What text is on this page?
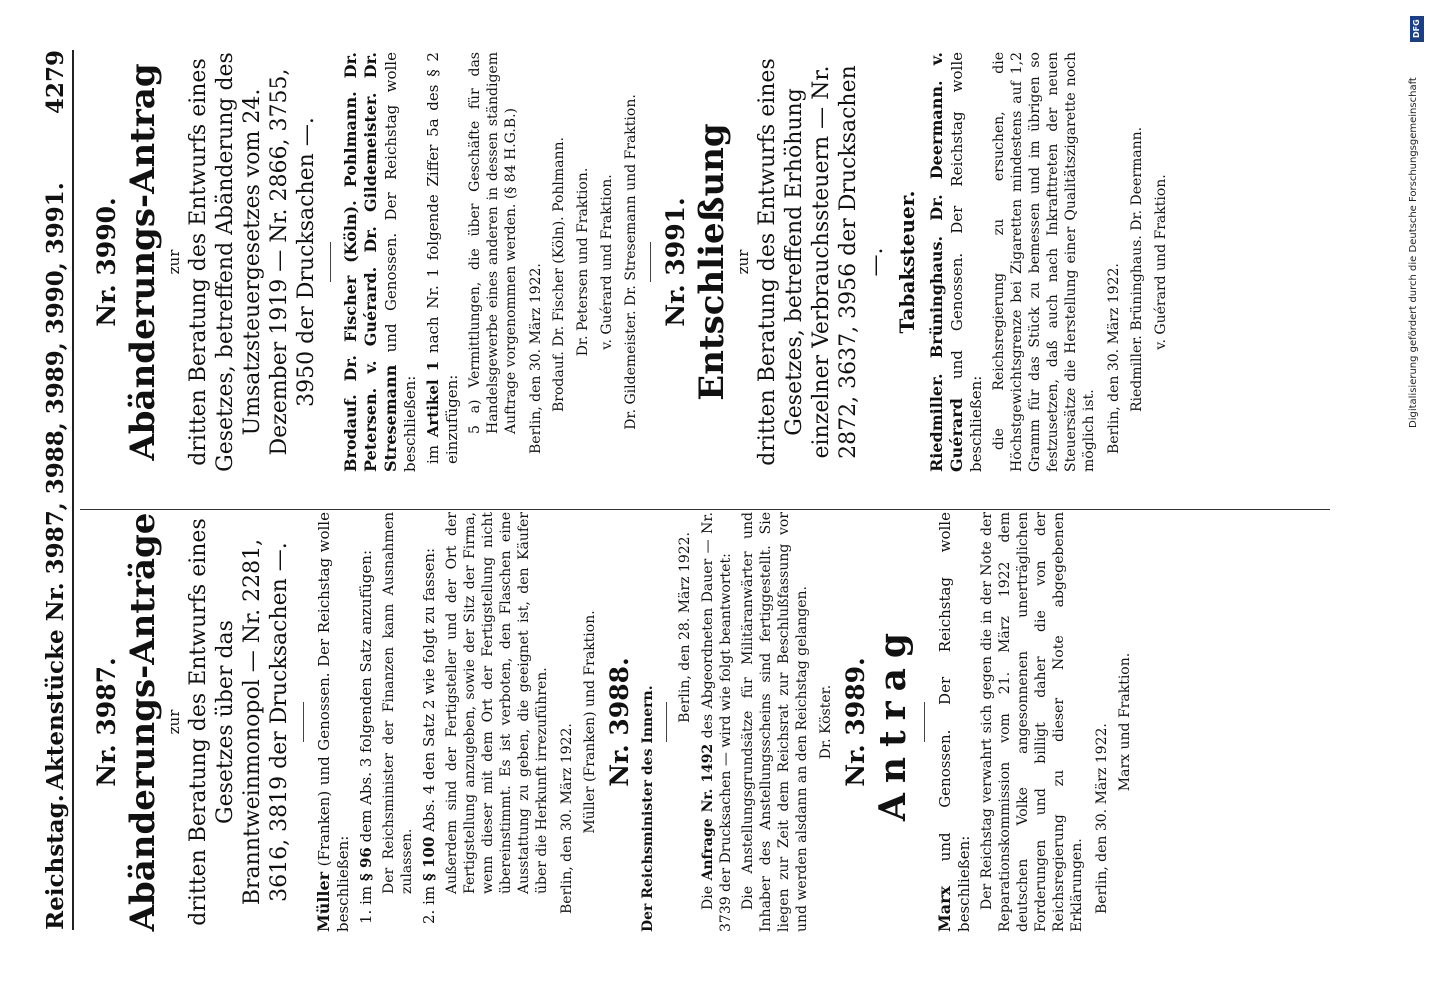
Reichstag.
Aktenstücke Nr. 3987, 3988, 3989, 3990, 3991.
4279
Nr. 3987. Abänderungs-Anträge zur dritten Beratung des Entwurfs eines Gesetzes über das Branntweinmonopol — Nr. 2281, 3616, 3819 der Drucksachen —.
Müller (Franken) und Genossen. Der Reichstag wolle beschließen: 1. im § 96 dem Abs. 3 folgenden Satz anzufügen: Der Reichsminister der Finanzen kann Ausnahmen zulassen.
2. im § 100 Abs. 4 den Satz 2 wie folgt zu fassen: Außerdem sind der Fertigsteller und der Ort der Fertigstellung anzugeben, sowie der Sitz der Firma, wenn dieser mit dem Ort der Fertigstellung nicht übereinstimmt. Es ist verboten, den Flaschen eine Ausstattung zu geben, die geeignet ist, den Käufer über die Herkunft irrezuführen. Berlin, den 30. März 1922. Müller (Franken) und Fraktion. Nr. 3988. Der Reichsminister des Innern.
Berlin, den 28. März 1922.
Die Anfrage Nr. 1492 des Abgeordneten Dauer — Nr. 3739 der Drucksachen — wird wie folgt beantwortet: Die Anstellungsgrundsätze für Militäranwärter und Inhaber des Anstellungsscheins sind fertiggestellt. Sie liegen zur Zeit dem Reichsrat zur Beschlußfassung vor und werden alsdann an den Reichstag gelangen. Dr. Köster. Nr. 3989. Antrag
Marx und Genossen. Der Reichstag wolle beschließen: Der Reichstag verwahrt sich gegen die in der Note der Reparationskommission vom 21. März 1922 dem deutschen Volke angesonnenen unerträglichen Forderungen und billigt daher die von der Reichsregierung zu dieser Note abgegebenen Erklärungen. Berlin, den 30. März 1922.
Marx und Fraktion.
Nr. 3990. Abänderungs-Antrag zur dritten Beratung des Entwurfs eines Gesetzes, betreffend Abänderung des Umsatzsteuergesetzes vom 24. Dezember 1919 — Nr. 2866, 3755, 3950 der Drucksachen —. Brodauf. Dr. Fischer (Köln). Pohlmann. Dr. Petersen. v. Guérard. Dr. Gildemeister. Dr. Stresemann und Genossen. Der Reichstag wolle beschließen: im Artikel 1 nach Nr. 1 folgende Ziffer 5a des § 2 einzufügen: 5 a) Vermittlungen, die über Geschäfte für das Handelsgewerbe eines anderen in dessen ständigem Auftrage vorgenommen werden. (§ 84 H.G.B.) Berlin, den 30. März 1922. Brodauf. Dr. Fischer (Köln). Pohlmann. Dr. Petersen und Fraktion. v. Guérard und Fraktion. Dr. Gildemeister. Dr. Stresemann und Fraktion. Nr. 3991. Entschließung zur dritten Beratung des Entwurfs eines Gesetzes, betreffend Erhöhung einzelner Verbrauchssteuern — Nr. 2872, 3637, 3956 der Drucksachen —. Tabaksteuer. Riedmiller. Brüninghaus. Dr. Deermann. v. Guérard und Genossen. Der Reichstag wolle beschließen: die Reichsregierung zu ersuchen, die Höchstgewichtsgrenze bei Zigaretten mindestens auf 1,2 Gramm für das Stück zu bemessen und im übrigen so festzusetzen, daß auch nach Inkrafttreten der neuen Steuersätze die Herstellung einer Qualitätszigarette noch möglich ist. Berlin, den 30. März 1922. Riedmiller. Brüninghaus. Dr. Deermann. v. Guérard und Fraktion.
DFG
Digitalisierung gefördert durch die Deutsche Forschungsgemeinschaft
